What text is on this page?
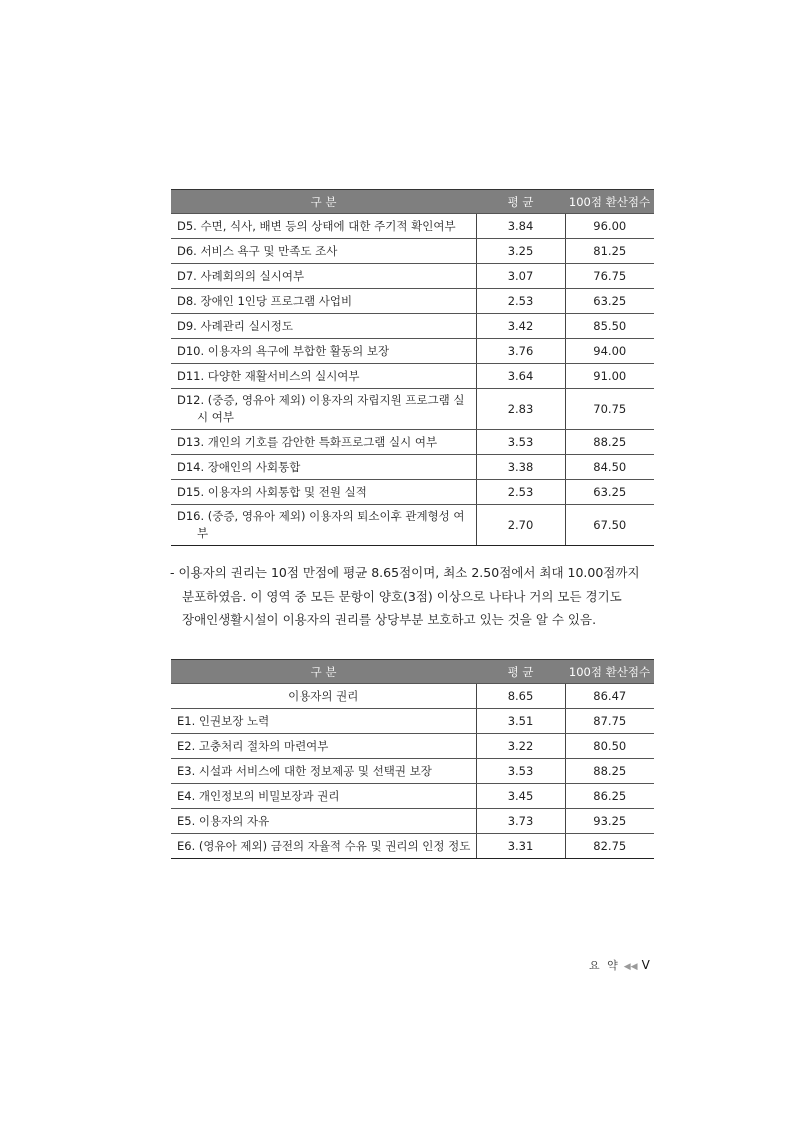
구 분	평 균	100점 환산점수
D5. 수면, 식사, 배변 등의 상태에 대한 주기적 확인여부	3.84	96.00
D6. 서비스 욕구 및 만족도 조사	3.25	81.25
D7. 사례회의의 실시여부	3.07	76.75
D8. 장애인 1인당 프로그램 사업비	2.53	63.25
D9. 사례관리 실시정도	3.42	85.50
D10. 이용자의 욕구에 부합한 활동의 보장	3.76	94.00
D11. 다양한 재활서비스의 실시여부	3.64	91.00
D12. (중증, 영유아 제외) 이용자의 자립지원 프로그램 실시 여부	2.83	70.75
D13. 개인의 기호를 감안한 특화프로그램 실시 여부	3.53	88.25
D14. 장애인의 사회통합	3.38	84.50
D15. 이용자의 사회통합 및 전원 실적	2.53	63.25
D16. (중증, 영유아 제외) 이용자의 퇴소이후 관계형성 여부	2.70	67.50
- 이용자의 권리는 10점 만점에 평균 8.65점이며, 최소 2.50점에서 최대 10.00점까지
분포하였음. 이 영역 중 모든 문항이 양호(3점) 이상으로 나타나 거의 모든 경기도
장애인생활시설이 이용자의 권리를 상당부분 보호하고 있는 것을 알 수 있음.
구 분	평 균	100점 환산점수
이용자의 권리	8.65	86.47
E1. 인권보장 노력	3.51	87.75
E2. 고충처리 절차의 마련여부	3.22	80.50
E3. 시설과 서비스에 대한 정보제공 및 선택권 보장	3.53	88.25
E4. 개인정보의 비밀보장과 권리	3.45	86.25
E5. 이용자의 자유	3.73	93.25
E6. (영유아 제외) 금전의 자율적 수유 및 권리의 인정 정도	3.31	82.75
요 약 ◀◀ V
